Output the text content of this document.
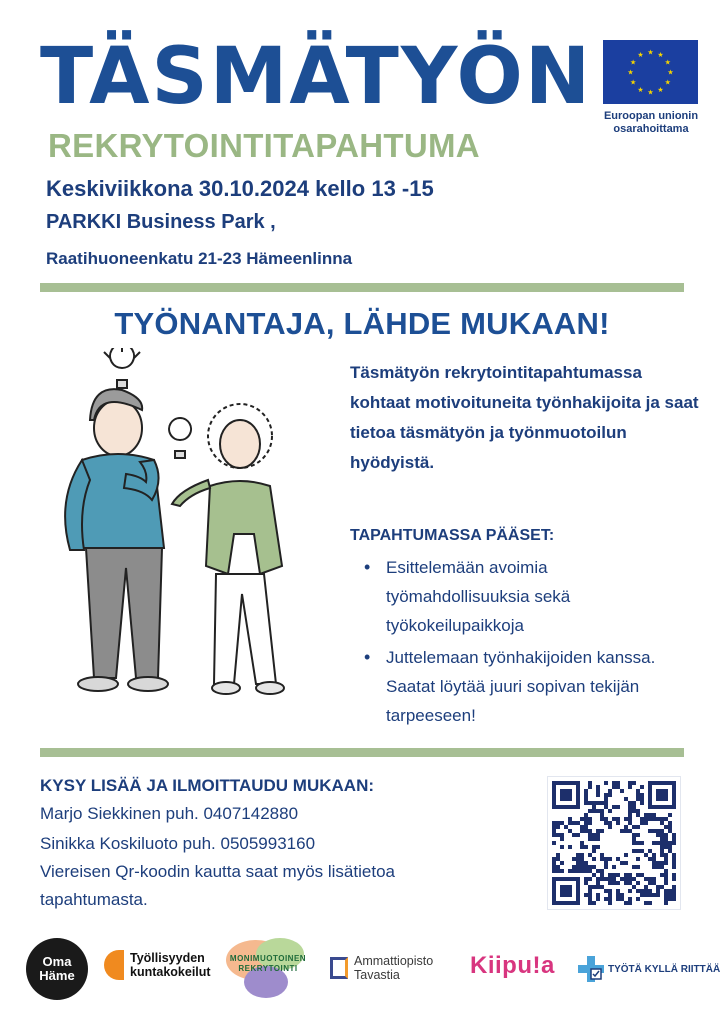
TÄSMÄTYÖN
REKRYTOINTITAPAHTUMA
Keskiviikkona 30.10.2024 kello 13 -15
PARKKI Business Park ,
Raatihuoneenkatu 21-23 Hämeenlinna
★ ★
★
★
★
★
★
★
★
★
★
★
Euroopan unionin
osarahoittama
TYÖNANTAJA, LÄHDE MUKAAN!
Täsmätyön rekrytointitapahtumassa kohtaat motivoituneita työnhakijoita ja saat tietoa täsmätyön ja työnmuotoilun hyödyistä.
TAPAHTUMASSA PÄÄSET:
• Esittelemään avoimia työmahdollisuuksia sekä työkokeilupaikkoja
• Juttelemaan työnhakijoiden kanssa. Saatat löytää juuri sopivan tekijän tarpeeseen!
KYSY LISÄÄ JA ILMOITTAUDU MUKAAN:
Marjo Siekkinen puh. 0407142880
Sinikka Koskiluoto puh. 0505993160
Viereisen Qr-koodin kautta saat myös lisätietoa
tapahtumasta.
Oma
Häme
Työllisyyden
kuntakokeilut
MONIMUOTOINEN
REKRYTOINTI
Ammattiopisto
Tavastia	Kiipu!a	TYÖTÄ KYLLÄ RIITTÄÄ
